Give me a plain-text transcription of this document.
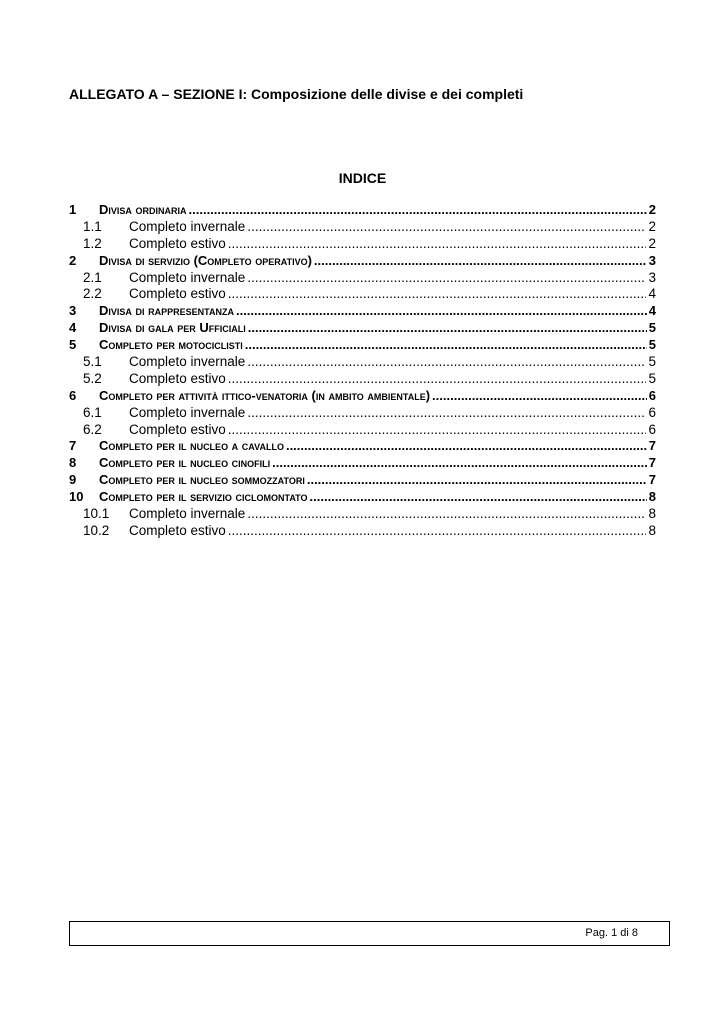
ALLEGATO A – SEZIONE I: Composizione delle divise e dei completi
INDICE
1	Divisa ordinaria .....	2
1.1	Completo invernale .....	2
1.2	Completo estivo .....	2
2	Divisa di servizio (Completo operativo) .....	3
2.1	Completo invernale .....	3
2.2	Completo estivo .....	4
3	Divisa di rappresentanza .....	4
4	Divisa di gala per Ufficiali .....	5
5	Completo per motociclisti .....	5
5.1	Completo invernale .....	5
5.2	Completo estivo .....	5
6	Completo per attività ittico-venatoria (in ambito ambientale) .....	6
6.1	Completo invernale .....	6
6.2	Completo estivo .....	6
7	Completo per il nucleo a cavallo .....	7
8	Completo per il nucleo cinofili .....	7
9	Completo per il nucleo sommozzatori .....	7
10	Completo per il servizio ciclomontato .....	8
10.1	Completo invernale .....	8
10.2	Completo estivo .....	8
Pag. 1 di 8
